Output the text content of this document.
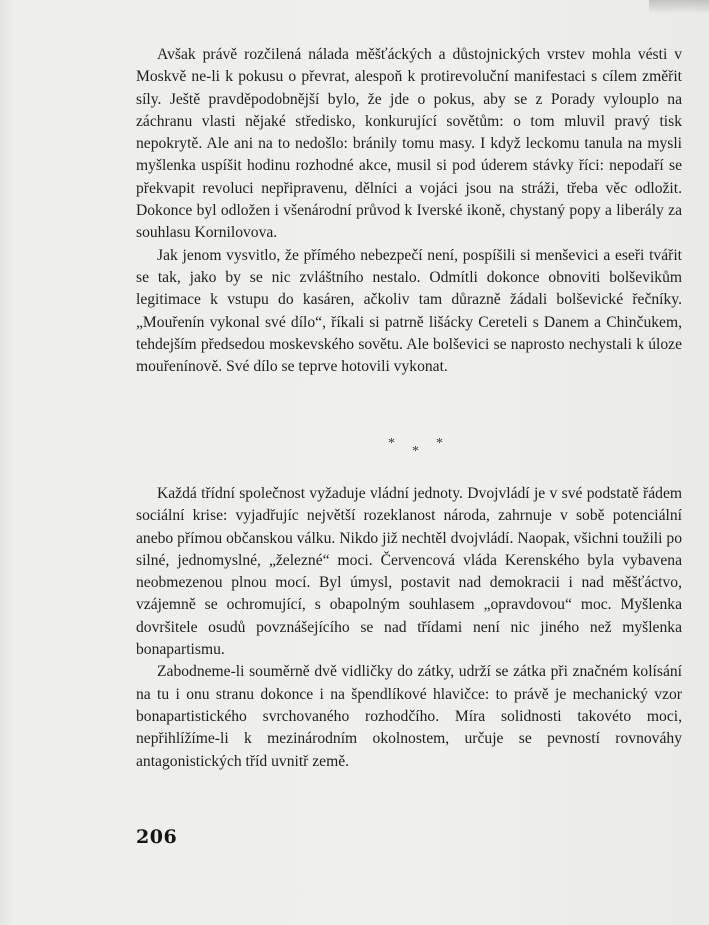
Avšak právě rozčilená nálada měšťáckých a důstojnických vrstev mohla vésti v Moskvě ne-li k pokusu o převrat, alespoň k protirevoluční manifestaci s cílem změřit síly. Ještě pravděpodobnější bylo, že jde o pokus, aby se z Porady vylouplo na záchranu vlasti nějaké středisko, konkurující sovětům: o tom mluvil pravý tisk nepokrytě. Ale ani na to nedošlo: bránily tomu masy. I když leckomu tanula na mysli myšlenka uspíšit hodinu rozhodné akce, musil si pod úderem stávky říci: nepodaří se překvapit revoluci nepřipravenu, dělníci a vojáci jsou na stráži, třeba věc odložit. Dokonce byl odložen i všenárodní průvod k Iverské ikoně, chystaný popy a liberály za souhlasu Kornilovova.

Jak jenom vysvitlo, že přímého nebezpečí není, pospíšili si menševici a eseři tvářit se tak, jako by se nic zvláštního nestalo. Odmítli dokonce obnoviti bolševikům legitimace k vstupu do kasáren, ačkoliv tam důrazně žádali bolševické řečníky. „Mouřenín vykonal své dílo“, říkali si patrně lišácky Cereteli s Danem a Chinčukem, tehdejším předsedou moskevského sovětu. Ale bolševici se naprosto nechystali k úloze mouřenínově. Své dílo se teprve hotovili vykonat.

*	*
*

Každá třídní společnost vyžaduje vládní jednoty. Dvojvládí je v své podstatě řádem sociální krise: vyjadřujíc největší rozeklanost národa, zahrnuje v sobě potenciální anebo přímou občanskou válku. Nikdo již nechtěl dvojvládí. Naopak, všichni toužili po silné, jednomyslné, „železné“ moci. Červencová vláda Kerenského byla vybavena neobmezenou plnou mocí. Byl úmysl, postavit nad demokracii i nad měšťáctvo, vzájemně se ochromující, s obapolným souhlasem „opravdovou“ moc. Myšlenka dovršitele osudů povznášejícího se nad třídami není nic jiného než myšlenka bonapartismu.

Zabodneme-li souměrně dvě vidličky do zátky, udrží se zátka při značném kolísání na tu i onu stranu dokonce i na špendlíkové hlavičce: to právě je mechanický vzor bonapartistického svrchovaného rozhodčího. Míra solidnosti takovéto moci, nepřihlížíme-li k mezinárodním okolnostem, určuje se pevností rovnováhy antagonistických tříd uvnitř země.

206
